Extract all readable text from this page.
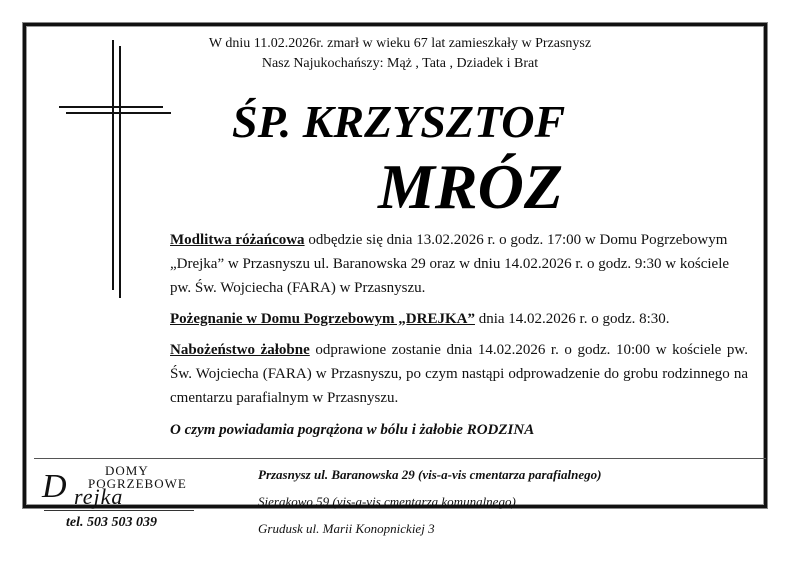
W dniu 11.02.2026r. zmarł w wieku 67 lat zamieszkały w Przasnysz
Nasz Najukochańszy: Mąż , Tata , Dziadek i Brat
ŚP. KRZYSZTOF
MRÓZ
Modlitwa różańcowa odbędzie się dnia 13.02.2026 r. o godz. 17:00 w Domu Pogrzebowym „Drejka” w Przasnyszu ul. Baranowska 29 oraz w dniu 14.02.2026 r. o godz. 9:30 w kościele pw. Św. Wojciecha (FARA) w Przasnyszu.
Pożegnanie w Domu Pogrzebowym „DREJKA” dnia 14.02.2026 r. o godz. 8:30.
Nabożeństwo żałobne odprawione zostanie dnia 14.02.2026 r. o godz. 10:00 w kościele pw. Św. Wojciecha (FARA) w Przasnyszu, po czym nastąpi odprowadzenie do grobu rodzinnego na cmentarzu parafialnym w Przasnyszu.
O czym powiadamia pogrążona w bólu i żałobie RODZINA
DOMY
POGRZEBOWE
D rejka
tel. 503 503 039
Przasnysz ul. Baranowska 29 (vis-a-vis cmentarza parafialnego)
Sierakowo 59 (vis-a-vis cmentarza komunalnego)
Grudusk ul. Marii Konopnickiej 3
